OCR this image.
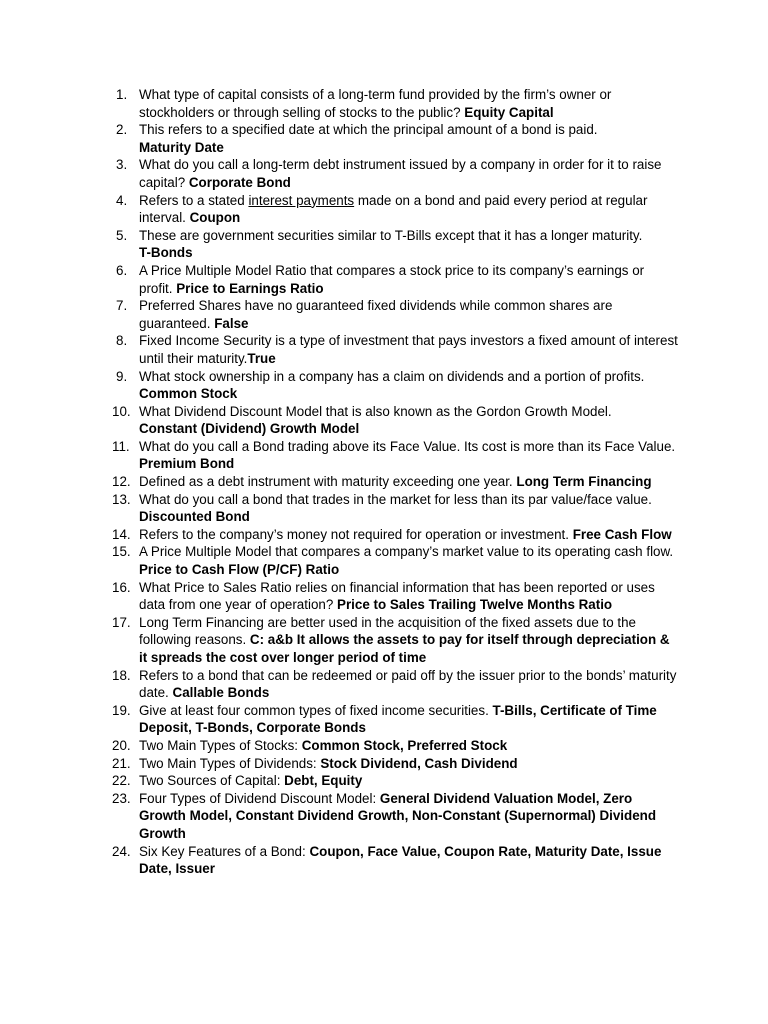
1. What type of capital consists of a long-term fund provided by the firm’s owner or stockholders or through selling of stocks to the public? Equity Capital
2. This refers to a specified date at which the principal amount of a bond is paid.
Maturity Date
3. What do you call a long-term debt instrument issued by a company in order for it to raise capital? Corporate Bond
4. Refers to a stated interest payments made on a bond and paid every period at regular interval. Coupon
5. These are government securities similar to T-Bills except that it has a longer maturity.
T-Bonds
6. A Price Multiple Model Ratio that compares a stock price to its company’s earnings or profit. Price to Earnings Ratio
7. Preferred Shares have no guaranteed fixed dividends while common shares are guaranteed. False
8. Fixed Income Security is a type of investment that pays investors a fixed amount of interest until their maturity.True
9. What stock ownership in a company has a claim on dividends and a portion of profits.
Common Stock
10. What Dividend Discount Model that is also known as the Gordon Growth Model.
Constant (Dividend) Growth Model
11. What do you call a Bond trading above its Face Value. Its cost is more than its Face Value. Premium Bond
12. Defined as a debt instrument with maturity exceeding one year. Long Term Financing
13. What do you call a bond that trades in the market for less than its par value/face value. Discounted Bond
14. Refers to the company’s money not required for operation or investment. Free Cash Flow
15. A Price Multiple Model that compares a company’s market value to its operating cash flow. Price to Cash Flow (P/CF) Ratio
16. What Price to Sales Ratio relies on financial information that has been reported or uses data from one year of operation? Price to Sales Trailing Twelve Months Ratio
17. Long Term Financing are better used in the acquisition of the fixed assets due to the following reasons. C: a&b It allows the assets to pay for itself through depreciation & it spreads the cost over longer period of time
18. Refers to a bond that can be redeemed or paid off by the issuer prior to the bonds’ maturity date. Callable Bonds
19. Give at least four common types of fixed income securities. T-Bills, Certificate of Time Deposit, T-Bonds, Corporate Bonds
20. Two Main Types of Stocks: Common Stock, Preferred Stock
21. Two Main Types of Dividends: Stock Dividend, Cash Dividend
22. Two Sources of Capital: Debt, Equity
23. Four Types of Dividend Discount Model: General Dividend Valuation Model, Zero Growth Model, Constant Dividend Growth, Non-Constant (Supernormal) Dividend Growth
24. Six Key Features of a Bond: Coupon, Face Value, Coupon Rate, Maturity Date, Issue Date, Issuer
